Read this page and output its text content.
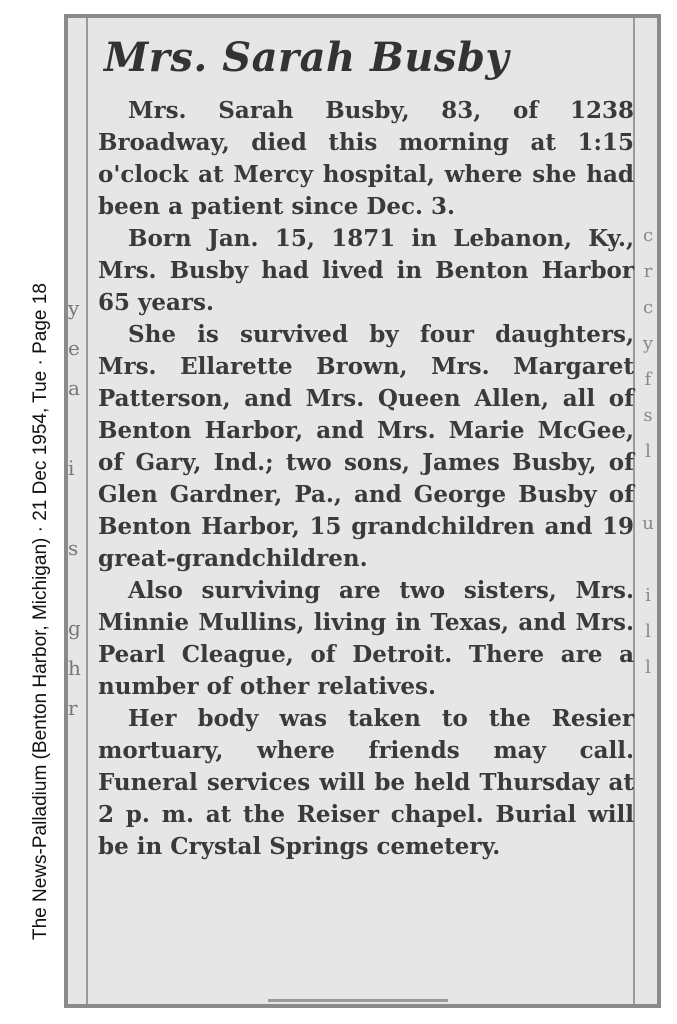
The News-Palladium (Benton Harbor, Michigan) · 21 Dec 1954, Tue · Page 18 y
e
a

i

s

g
h
r
c
r
c
y
f
s
l

u

i
l
l
Mrs. Sarah Busby

Mrs. Sarah Busby, 83, of 1238 Broadway, died this morning at 1:15 o'clock at Mercy hospital, where she had been a patient since Dec. 3.

Born Jan. 15, 1871 in Lebanon, Ky., Mrs. Busby had lived in Benton Harbor 65 years.

She is survived by four daughters, Mrs. Ellarette Brown, Mrs. Margaret Patterson, and Mrs. Queen Allen, all of Benton Harbor, and Mrs. Marie McGee, of Gary, Ind.; two sons, James Busby, of Glen Gardner, Pa., and George Busby of Benton Harbor, 15 grandchildren and 19 great-grandchildren.

Also surviving are two sisters, Mrs. Minnie Mullins, living in Texas, and Mrs. Pearl Cleague, of Detroit. There are a number of other relatives.

Her body was taken to the Resier mortuary, where friends may call. Funeral services will be held Thursday at 2 p. m. at the Reiser chapel. Burial will be in Crystal Springs cemetery.
